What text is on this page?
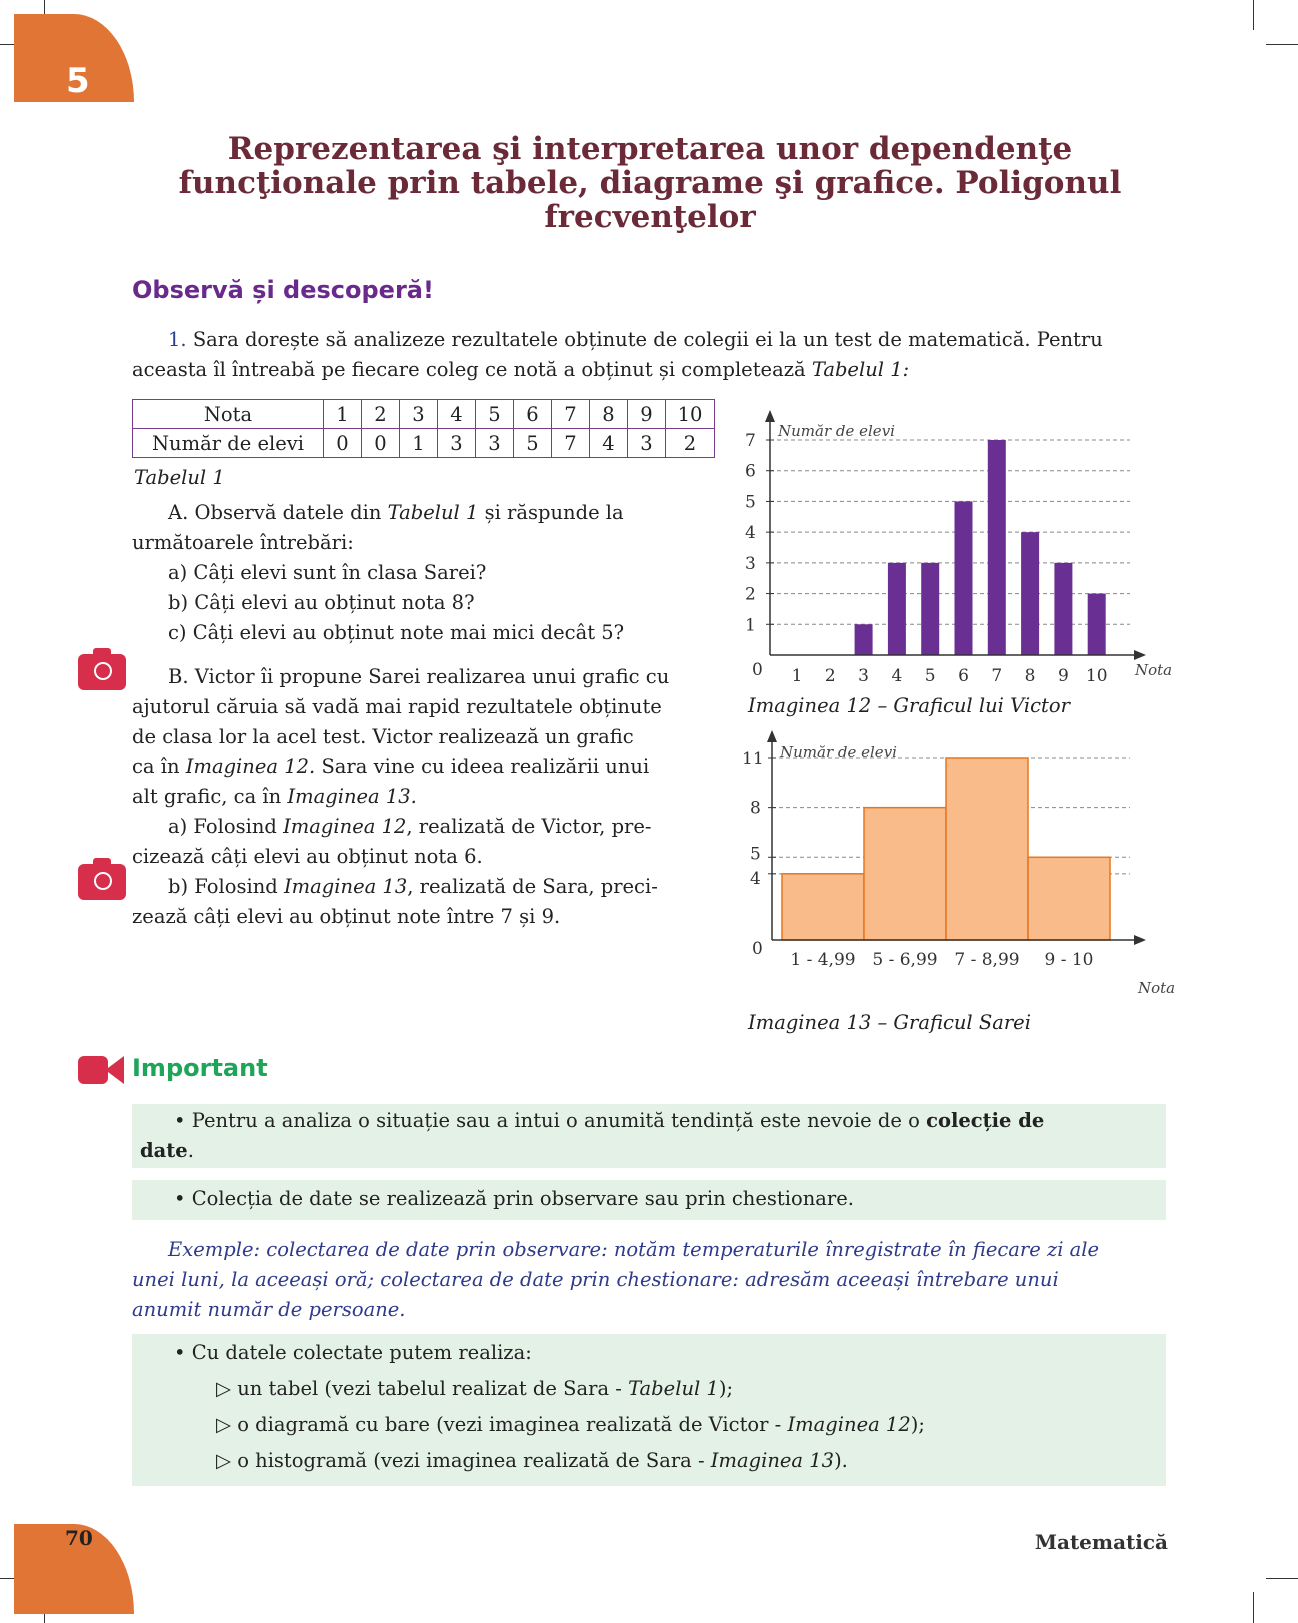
5
Reprezentarea şi interpretarea unor dependenţe funcţionale prin tabele, diagrame şi grafice. Poligonul frecvenţelor
Observă și descoperă!
1. Sara dorește să analizeze rezultatele obținute de colegii ei la un test de matematică. Pentru
aceasta îl întreabă pe fiecare coleg ce notă a obținut și completează Tabelul 1:
Nota	1	2	3	4	5	6	7	8	9	10
Număr de elevi	0	0	1	3	3	5	7	4	3	2
Tabelul 1
A. Observă datele din Tabelul 1 și răspunde la
următoarele întrebări:
a) Câți elevi sunt în clasa Sarei?
b) Câți elevi au obținut nota 8?
c) Câți elevi au obținut note mai mici decât 5?
B. Victor îi propune Sarei realizarea unui grafic cu
ajutorul căruia să vadă mai rapid rezultatele obținute
de clasa lor la acel test. Victor realizează un grafic
ca în Imaginea 12. Sara vine cu ideea realizării unui
alt grafic, ca în Imaginea 13.
a) Folosind Imaginea 12, realizată de Victor, pre-
cizează câți elevi au obținut nota 6.
b) Folosind Imaginea 13, realizată de Sara, preci-
zează câți elevi au obținut note între 7 și 9.
0
1
2
3
4
5
6
7
1 2 3 4 5 6 7 8 9 10
Număr de elevi
Nota
Imaginea 12 – Graficul lui Victor
0
4
5
8
11
1 - 4,99 5 - 6,99 7 - 8,99 9 - 10
Număr de elevi
Nota
Imaginea 13 – Graficul Sarei
Important
• Pentru a analiza o situație sau a intui o anumită tendință este nevoie de o colecție de
date.
• Colecția de date se realizează prin observare sau prin chestionare.
Exemple: colectarea de date prin observare: notăm temperaturile înregistrate în fiecare zi ale
unei luni, la aceeași oră; colectarea de date prin chestionare: adresăm aceeași întrebare unui
anumit număr de persoane.
• Cu datele colectate putem realiza:
▷ un tabel (vezi tabelul realizat de Sara - Tabelul 1);
▷ o diagramă cu bare (vezi imaginea realizată de Victor - Imaginea 12);
▷ o histogramă (vezi imaginea realizată de Sara - Imaginea 13).
70	Matematică
